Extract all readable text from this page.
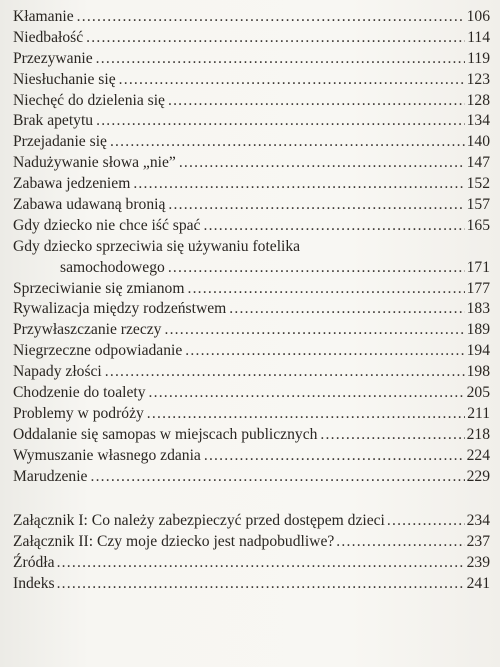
Kłamanie .....	106
Niedbałość .....	114
Przezywanie .....	119
Niesłuchanie się .....	123
Niechęć do dzielenia się .....	128
Brak apetytu .....	134
Przejadanie się .....	140
Nadużywanie słowa „nie” .....	147
Zabawa jedzeniem .....	152
Zabawa udawaną bronią .....	157
Gdy dziecko nie chce iść spać .....	165
Gdy dziecko sprzeciwia się używaniu fotelika
samochodowego .....	171
Sprzeciwianie się zmianom .....	177
Rywalizacja między rodzeństwem .....	183
Przywłaszczanie rzeczy .....	189
Niegrzeczne odpowiadanie .....	194
Napady złości .....	198
Chodzenie do toalety .....	205
Problemy w podróży .....	211
Oddalanie się samopas w miejscach publicznych .....	218
Wymuszanie własnego zdania .....	224
Marudzenie .....	229
Załącznik I: Co należy zabezpieczyć przed dostępem dzieci .....	234
Załącznik II: Czy moje dziecko jest nadpobudliwe? .....	237
Źródła .....	239
Indeks .....	241
